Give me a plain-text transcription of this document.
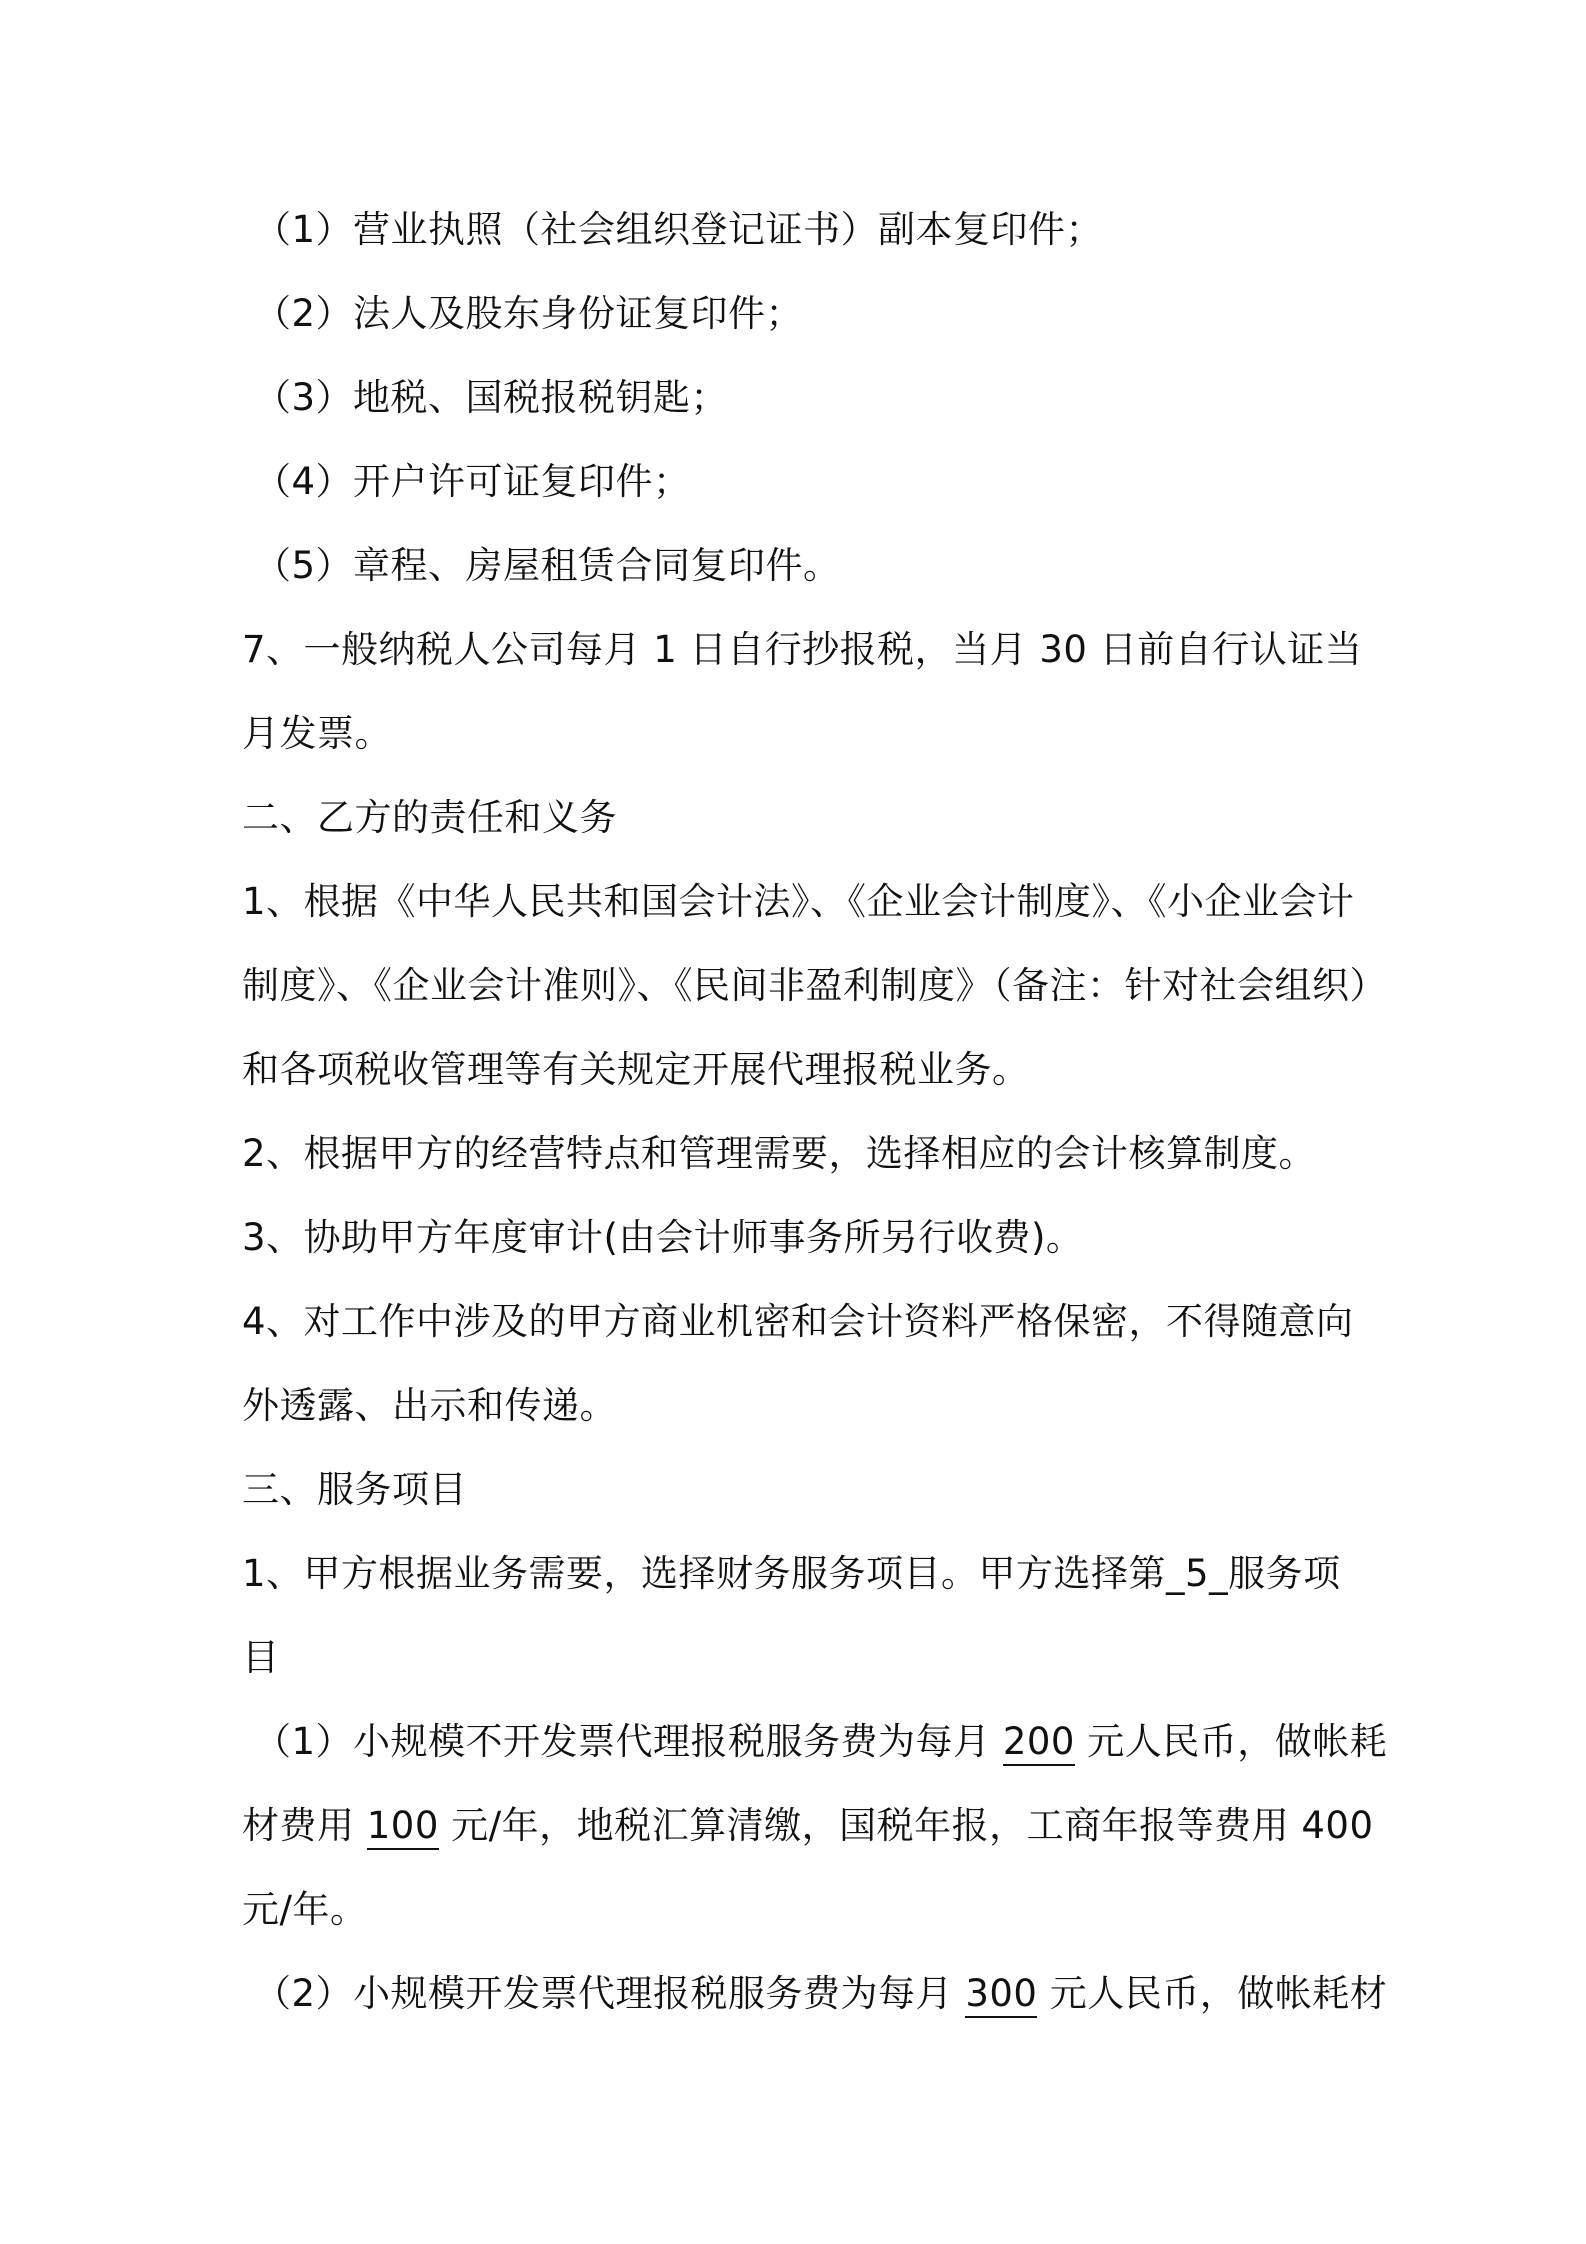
（1）营业执照（社会组织登记证书）副本复印件；
（2）法人及股东身份证复印件；
（3）地税、国税报税钥匙；
（4）开户许可证复印件；
（5）章程、房屋租赁合同复印件。
7、一般纳税人公司每月 1 日自行抄报税，当月 30 日前自行认证当
月发票。
二、乙方的责任和义务
1、根据《中华人民共和国会计法》、《企业会计制度》、《小企业会计
制度》、《企业会计准则》、《民间非盈利制度》（备注：针对社会组织）
和各项税收管理等有关规定开展代理报税业务。
2、根据甲方的经营特点和管理需要，选择相应的会计核算制度。
3、协助甲方年度审计(由会计师事务所另行收费)。
4、对工作中涉及的甲方商业机密和会计资料严格保密，不得随意向
外透露、出示和传递。
三、服务项目
1、甲方根据业务需要，选择财务服务项目。甲方选择第_5_服务项
目
（1）小规模不开发票代理报税服务费为每月 200 元人民币，做帐耗
材费用 100 元/年，地税汇算清缴，国税年报，工商年报等费用 400
元/年。
（2）小规模开发票代理报税服务费为每月 300 元人民币，做帐耗材
